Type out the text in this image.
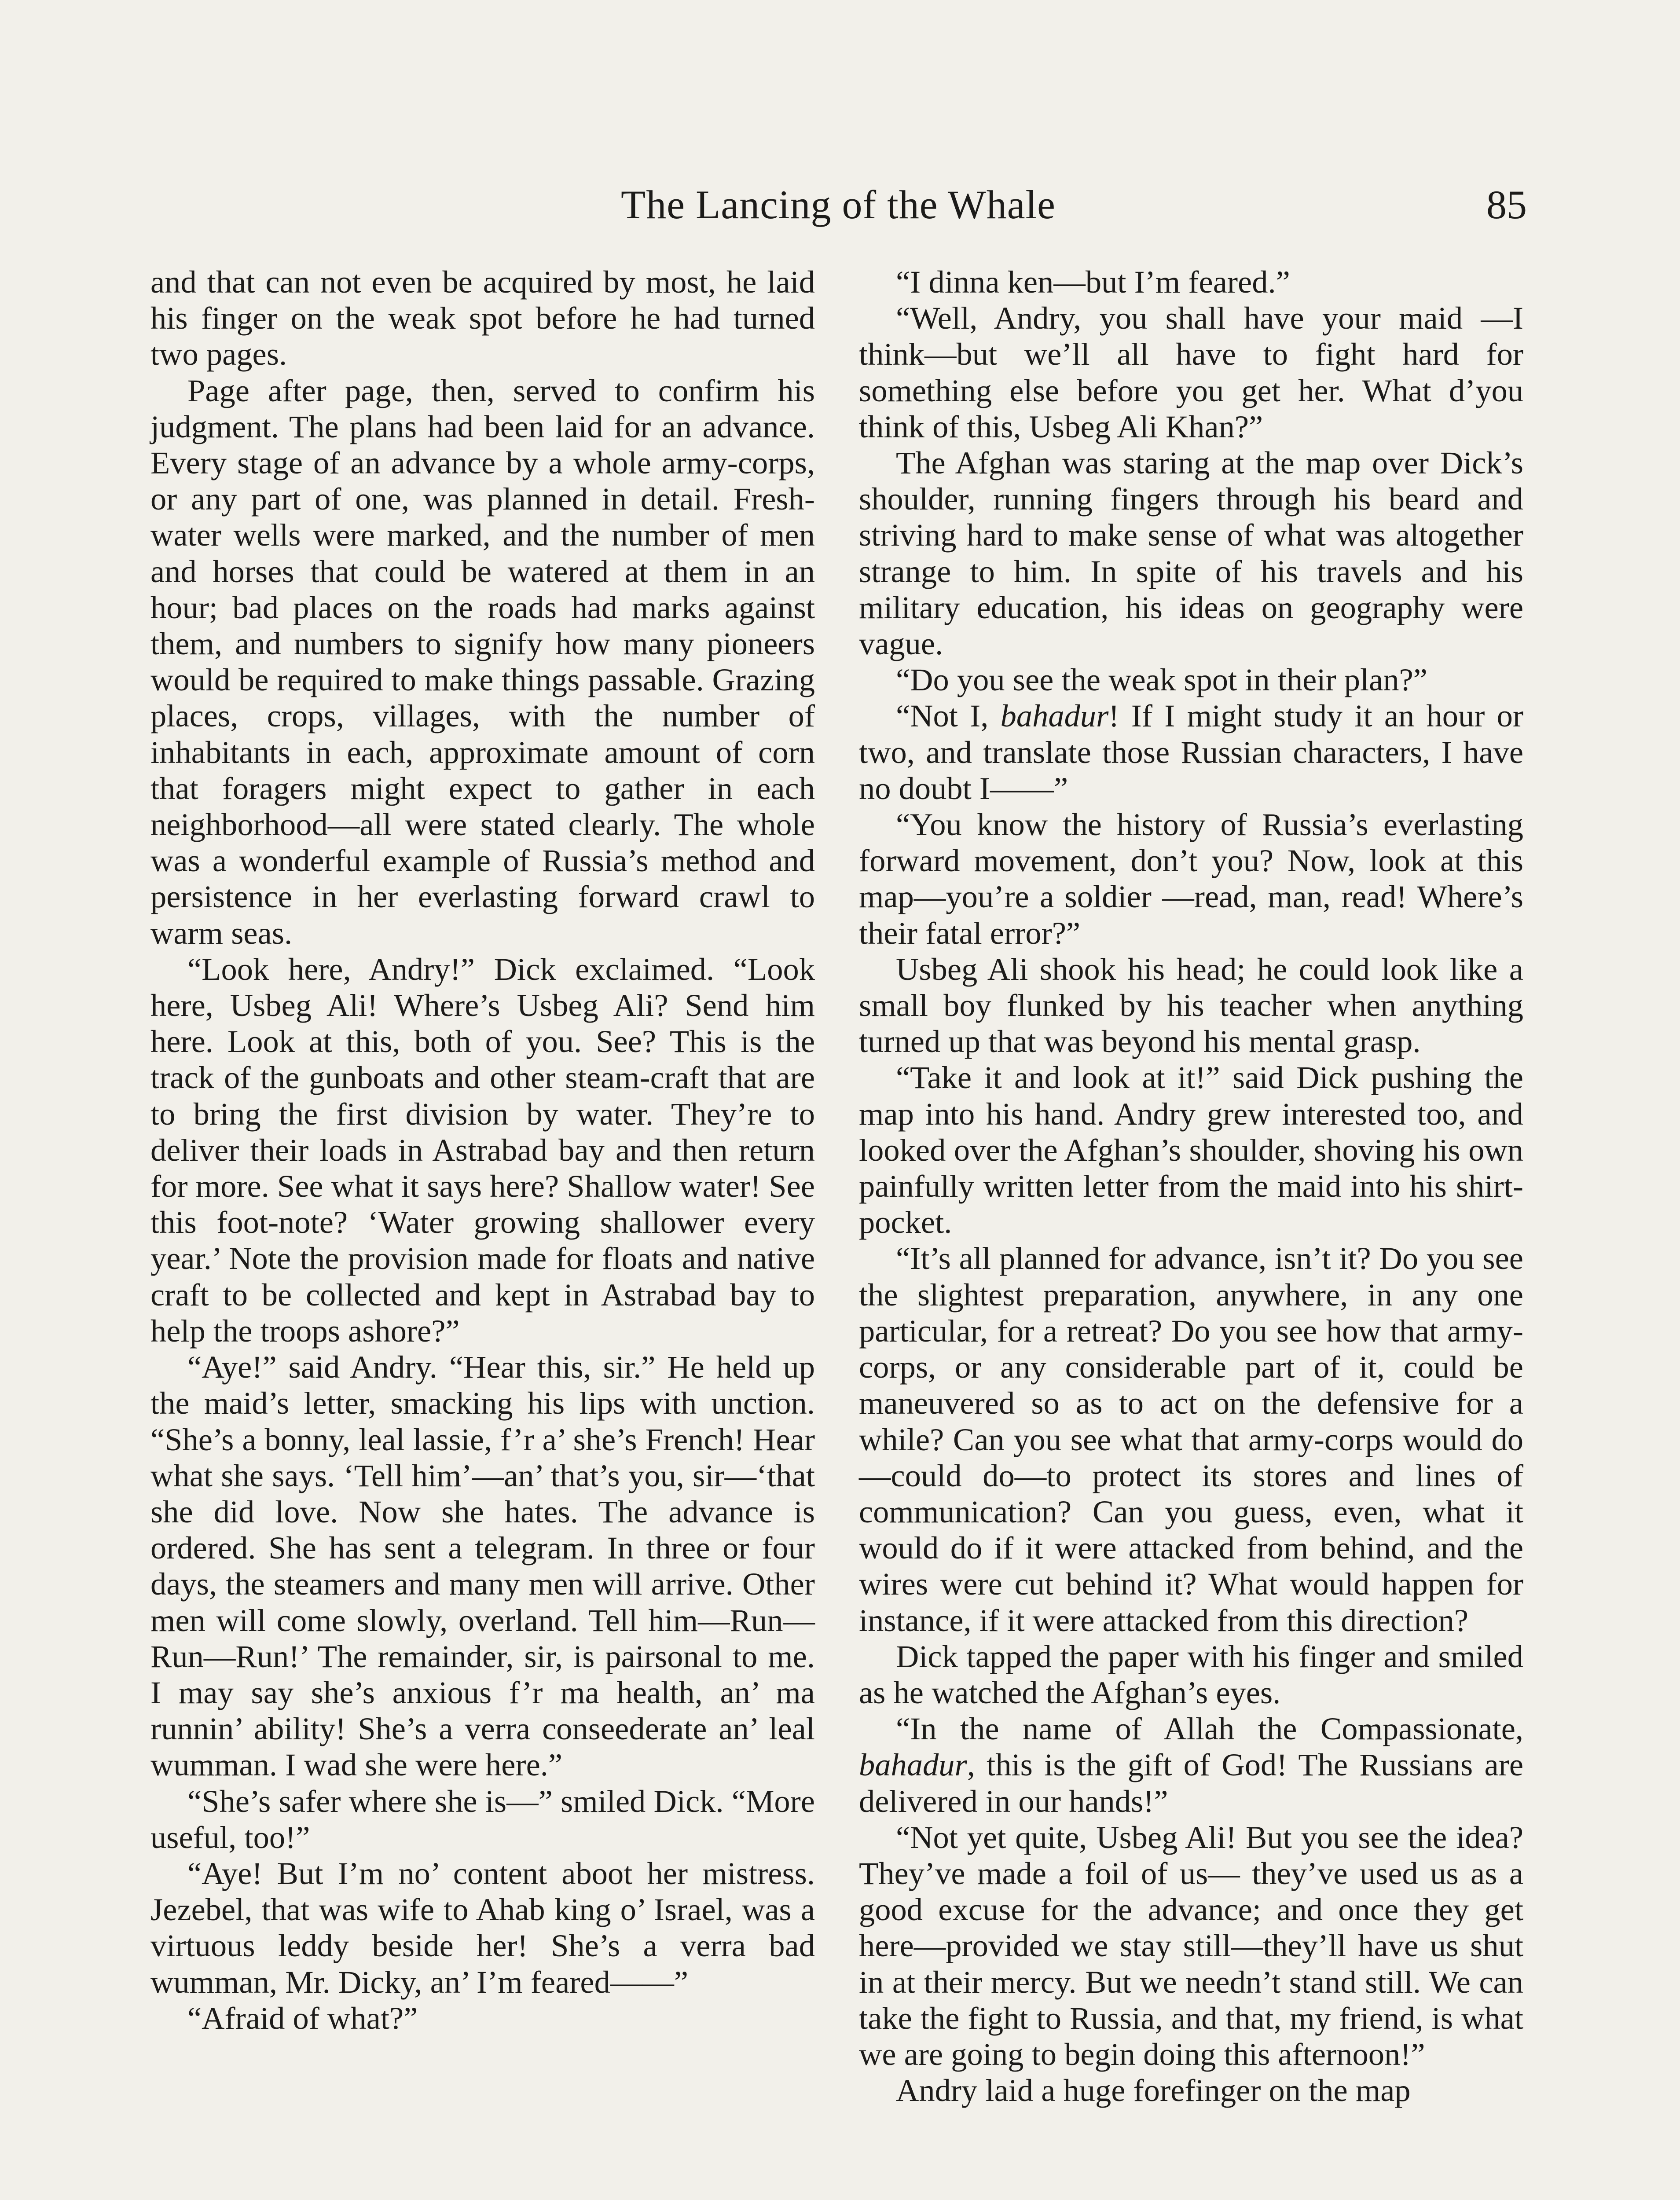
The Lancing of the Whale	85

and that can not even be acquired by most, he laid his finger on the weak spot before he had turned two pages.

Page after page, then, served to confirm his judgment. The plans had been laid for an advance. Every stage of an advance by a whole army-corps, or any part of one, was planned in detail. Fresh-water wells were marked, and the number of men and horses that could be watered at them in an hour; bad places on the roads had marks against them, and numbers to signify how many pioneers would be required to make things passable. Grazing places, crops, villages, with the number of inhabitants in each, approximate amount of corn that foragers might expect to gather in each neighborhood—all were stated clearly. The whole was a wonderful example of Russia’s method and persistence in her everlasting forward crawl to warm seas.

“Look here, Andry!” Dick exclaimed. “Look here, Usbeg Ali! Where’s Usbeg Ali? Send him here. Look at this, both of you. See? This is the track of the gunboats and other steam-craft that are to bring the first division by water. They’re to deliver their loads in Astrabad bay and then return for more. See what it says here? Shallow water! See this foot-note? ‘Water growing shallower every year.’ Note the provision made for floats and native craft to be collected and kept in Astrabad bay to help the troops ashore?”

“Aye!” said Andry. “Hear this, sir.” He held up the maid’s letter, smacking his lips with unction. “She’s a bonny, leal lassie, f’r a’ she’s French! Hear what she says. ‘Tell him’—an’ that’s you, sir—‘that she did love. Now she hates. The advance is ordered. She has sent a telegram. In three or four days, the steamers and many men will arrive. Other men will come slowly, overland. Tell him—Run—Run—Run!’ The remainder, sir, is pairsonal to me. I may say she’s anxious f’r ma health, an’ ma runnin’ ability! She’s a verra conseederate an’ leal wumman. I wad she were here.”

“She’s safer where she is—” smiled Dick. “More useful, too!”

“Aye! But I’m no’ content aboot her mistress. Jezebel, that was wife to Ahab king o’ Israel, was a virtuous leddy beside her! She’s a verra bad wumman, Mr. Dicky, an’ I’m feared——”

“Afraid of what?”

“I dinna ken—but I’m feared.”

“Well, Andry, you shall have your maid —I think—but we’ll all have to fight hard for something else before you get her. What d’you think of this, Usbeg Ali Khan?”

The Afghan was staring at the map over Dick’s shoulder, running fingers through his beard and striving hard to make sense of what was altogether strange to him. In spite of his travels and his military education, his ideas on geography were vague.

“Do you see the weak spot in their plan?”

“Not I, bahadur! If I might study it an hour or two, and translate those Russian characters, I have no doubt I——”

“You know the history of Russia’s everlasting forward movement, don’t you? Now, look at this map—you’re a soldier —read, man, read! Where’s their fatal error?”

Usbeg Ali shook his head; he could look like a small boy flunked by his teacher when anything turned up that was beyond his mental grasp.

“Take it and look at it!” said Dick pushing the map into his hand. Andry grew interested too, and looked over the Afghan’s shoulder, shoving his own painfully written letter from the maid into his shirt-pocket.

“It’s all planned for advance, isn’t it? Do you see the slightest preparation, anywhere, in any one particular, for a retreat? Do you see how that army-corps, or any considerable part of it, could be maneuvered so as to act on the defensive for a while? Can you see what that army-corps would do—could do—to protect its stores and lines of communication? Can you guess, even, what it would do if it were attacked from behind, and the wires were cut behind it? What would happen for instance, if it were attacked from this direction?

Dick tapped the paper with his finger and smiled as he watched the Afghan’s eyes.

“In the name of Allah the Compassionate, bahadur, this is the gift of God! The Russians are delivered in our hands!”

“Not yet quite, Usbeg Ali! But you see the idea? They’ve made a foil of us— they’ve used us as a good excuse for the advance; and once they get here—provided we stay still—they’ll have us shut in at their mercy. But we needn’t stand still. We can take the fight to Russia, and that, my friend, is what we are going to begin doing this afternoon!”

Andry laid a huge forefinger on the map
